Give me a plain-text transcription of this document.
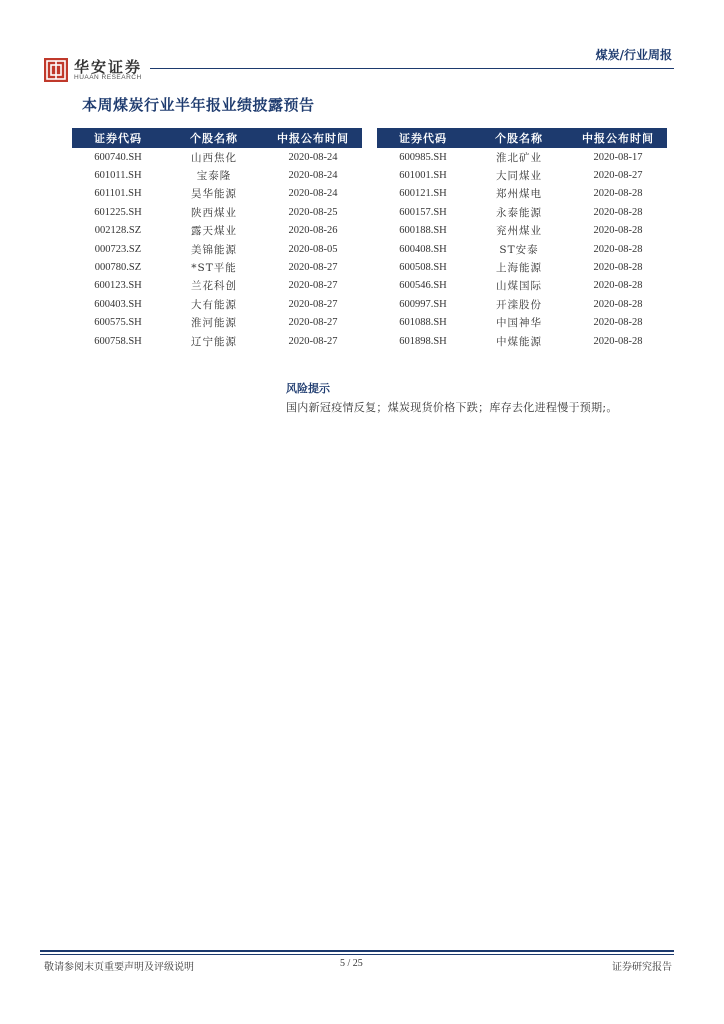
华安证券
HUAAN RESEARCH
煤炭/行业周报
本周煤炭行业半年报业绩披露预告
证券代码	个股名称	中报公布时间
600740.SH	山西焦化	2020-08-24
601011.SH	宝泰隆	2020-08-24
601101.SH	昊华能源	2020-08-24
601225.SH	陕西煤业	2020-08-25
002128.SZ	露天煤业	2020-08-26
000723.SZ	美锦能源	2020-08-05
000780.SZ	*ST平能	2020-08-27
600123.SH	兰花科创	2020-08-27
600403.SH	大有能源	2020-08-27
600575.SH	淮河能源	2020-08-27
600758.SH	辽宁能源	2020-08-27
证券代码	个股名称	中报公布时间
600985.SH	淮北矿业	2020-08-17
601001.SH	大同煤业	2020-08-27
600121.SH	郑州煤电	2020-08-28
600157.SH	永泰能源	2020-08-28
600188.SH	兖州煤业	2020-08-28
600408.SH	ST安泰	2020-08-28
600508.SH	上海能源	2020-08-28
600546.SH	山煤国际	2020-08-28
600997.SH	开滦股份	2020-08-28
601088.SH	中国神华	2020-08-28
601898.SH	中煤能源	2020-08-28
风险提示
国内新冠疫情反复；煤炭现货价格下跌；库存去化进程慢于预期;。
敬请参阅末页重要声明及评级说明	5 / 25	证券研究报告
